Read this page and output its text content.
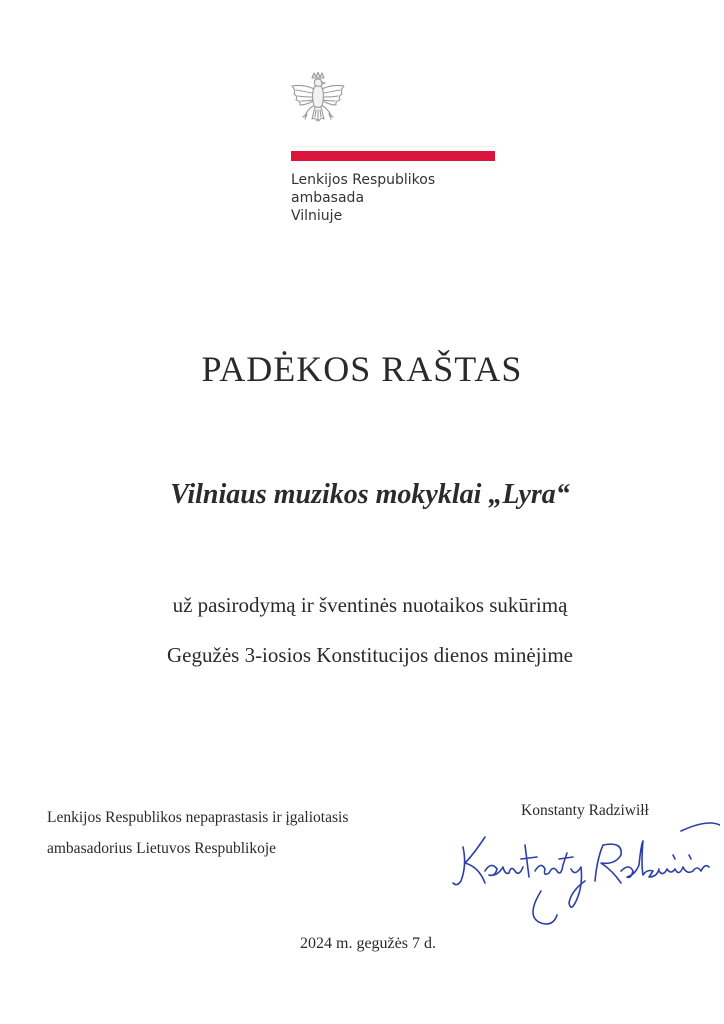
Lenkijos Respublikos
ambasada
Vilniuje
PADĖKOS RAŠTAS
Vilniaus muzikos mokyklai „Lyra“
už pasirodymą ir šventinės nuotaikos sukūrimą
Gegužės 3-iosios Konstitucijos dienos minėjime
Lenkijos Respublikos nepaprastasis ir įgaliotasis
ambasadorius Lietuvos Respublikoje
Konstanty Radziwiłł
2024 m. gegužės 7 d.
